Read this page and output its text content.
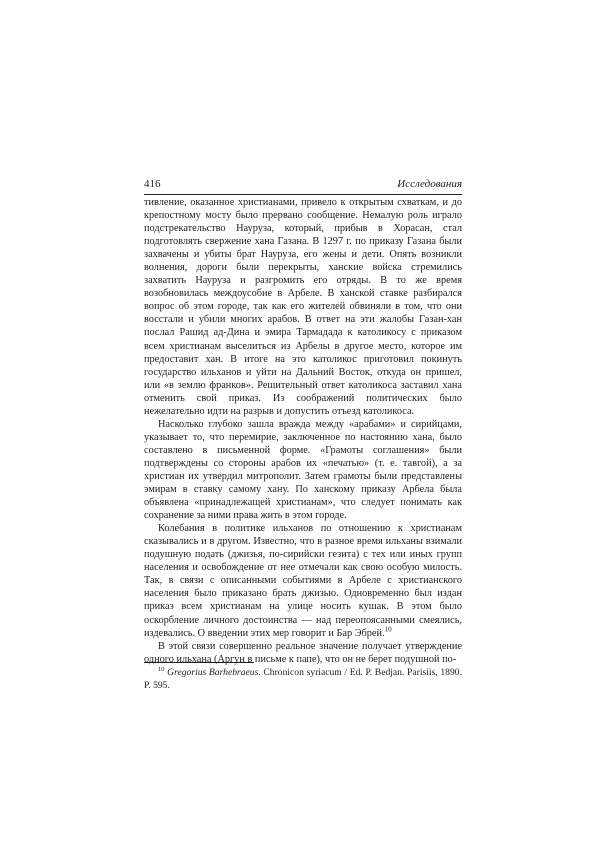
416	Исследования

тивление, оказанное христианами, привело к открытым схваткам, и до крепостному мосту было прервано сообщение. Немалую роль играло подстрекательство Науруза, который, прибыв в Хорасан, стал подготовлять свержение хана Газана. В 1297 г. по приказу Газана были захвачены и убиты брат Науруза, его жены и дети. Опять возникли волнения, дороги были перекрыты, ханские войска стремились захватить Науруза и разгромить его отряды. В то же время возобновилась междоусобие в Арбеле. В ханской ставке разбирался вопрос об этом городе, так как его жителей обвиняли в том, что они восстали и убили многих арабов. В ответ на эти жалобы Газан-хан послал Рашид ад-Дина и эмира Тармадада к католикосу с приказом всем христианам выселиться из Арбелы в другое место, которое им предоставит хан. В итоге на это католикос приготовил покинуть государство ильханов и уйти на Дальний Восток, откуда он пришел, или «в землю франков». Решительный ответ католикоса заставил хана отменить свой приказ. Из соображений политических было нежелательно идти на разрыв и допустить отъезд католикоса.

Насколько глубоко зашла вражда между «арабами» и сирийцами, указывает то, что перемирие, заключенное по настоянию хана, было составлено в письменной форме. «Грамоты соглашения» были подтверждены со стороны арабов их «печатью» (т. е. тавгой), а за христиан их утвердил митрополит. Затем грамоты были представлены эмирам в ставку самому хану. По ханскому приказу Арбела была объявлена «принадлежащей христианам», что следует понимать как сохранение за ними права жить в этом городе.

Колебания в политике ильханов по отношению к христианам сказывались и в другом. Известно, что в разное время ильханы взимали подушную подать (джизья, по-сирийски гезита) с тех или иных групп населения и освобождение от нее отмечали как свою особую милость. Так, в связи с описанными событиями в Арбеле с христианского населения было приказано брать джизью. Одновременно был издан приказ всем христианам на улице носить кушак. В этом было оскорбление личного достоинства — над переопоясанными смеялись, издевались. О введении этих мер говорит и Бар Эбрей.$^{10}$

В этой связи совершенно реальное значение получает утверждение одного ильхана (Аргун в письме к папе), что он не берет подушной по-

$^{10}$ Gregorius Barhebraeus. Chronicon syriacum / Ed. P. Bedjan. Parisiis, 1890. P. 595.
